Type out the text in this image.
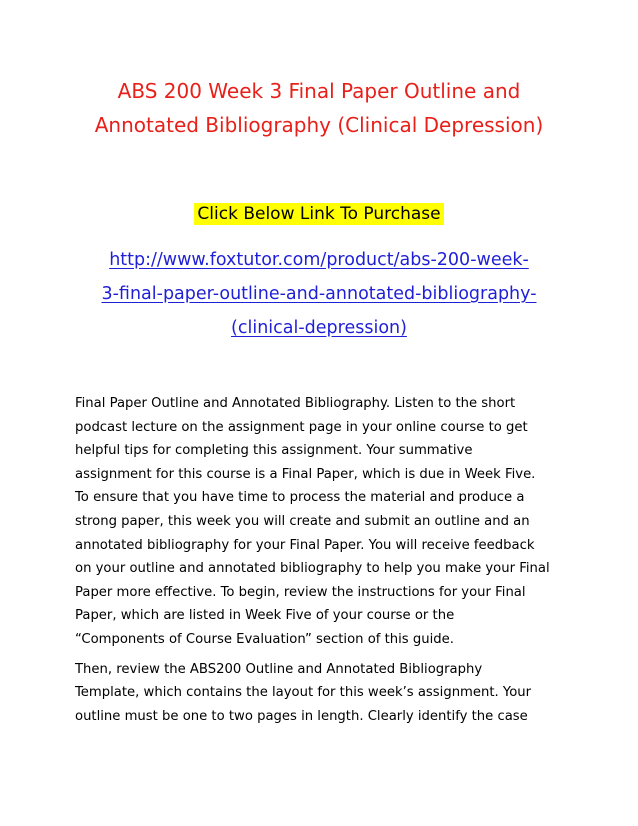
ABS 200 Week 3 Final Paper Outline and
Annotated Bibliography (Clinical Depression)
Click Below Link To Purchase
http://www.foxtutor.com/product/abs-200-week-
3-final-paper-outline-and-annotated-bibliography-
(clinical-depression)

Final Paper Outline and Annotated Bibliography. Listen to the short
podcast lecture on the assignment page in your online course to get
helpful tips for completing this assignment. Your summative
assignment for this course is a Final Paper, which is due in Week Five.
To ensure that you have time to process the material and produce a
strong paper, this week you will create and submit an outline and an
annotated bibliography for your Final Paper. You will receive feedback
on your outline and annotated bibliography to help you make your Final
Paper more effective. To begin, review the instructions for your Final
Paper, which are listed in Week Five of your course or the
“Components of Course Evaluation” section of this guide.

Then, review the ABS200 Outline and Annotated Bibliography
Template, which contains the layout for this week’s assignment. Your
outline must be one to two pages in length. Clearly identify the case
